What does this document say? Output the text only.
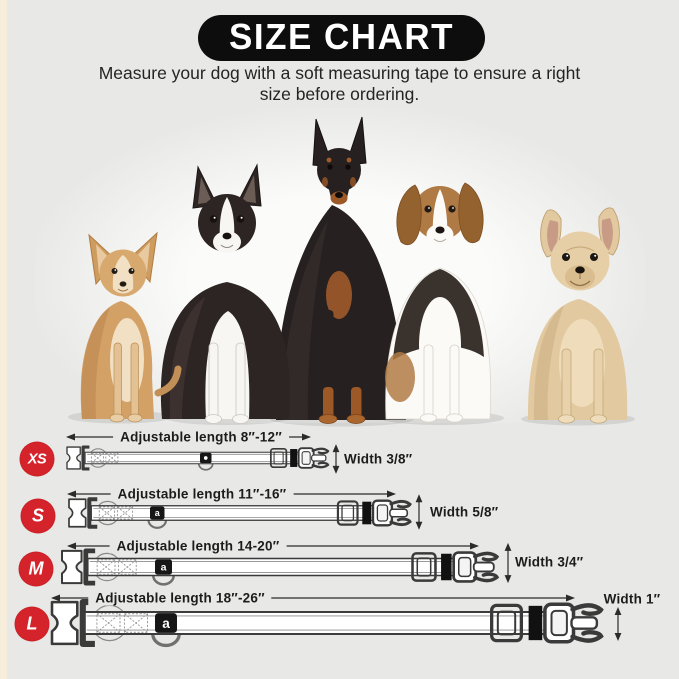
SIZE CHART
Measure your dog with a soft measuring tape to ensure a right size before ordering.
a
a
a
XS
S
M
L
Adjustable length 8″-12″
Adjustable length 11″-16″
Adjustable length 14-20″
Adjustable length 18″-26″
Width 3/8″
Width 5/8″
Width 3/4″
Width 1″
